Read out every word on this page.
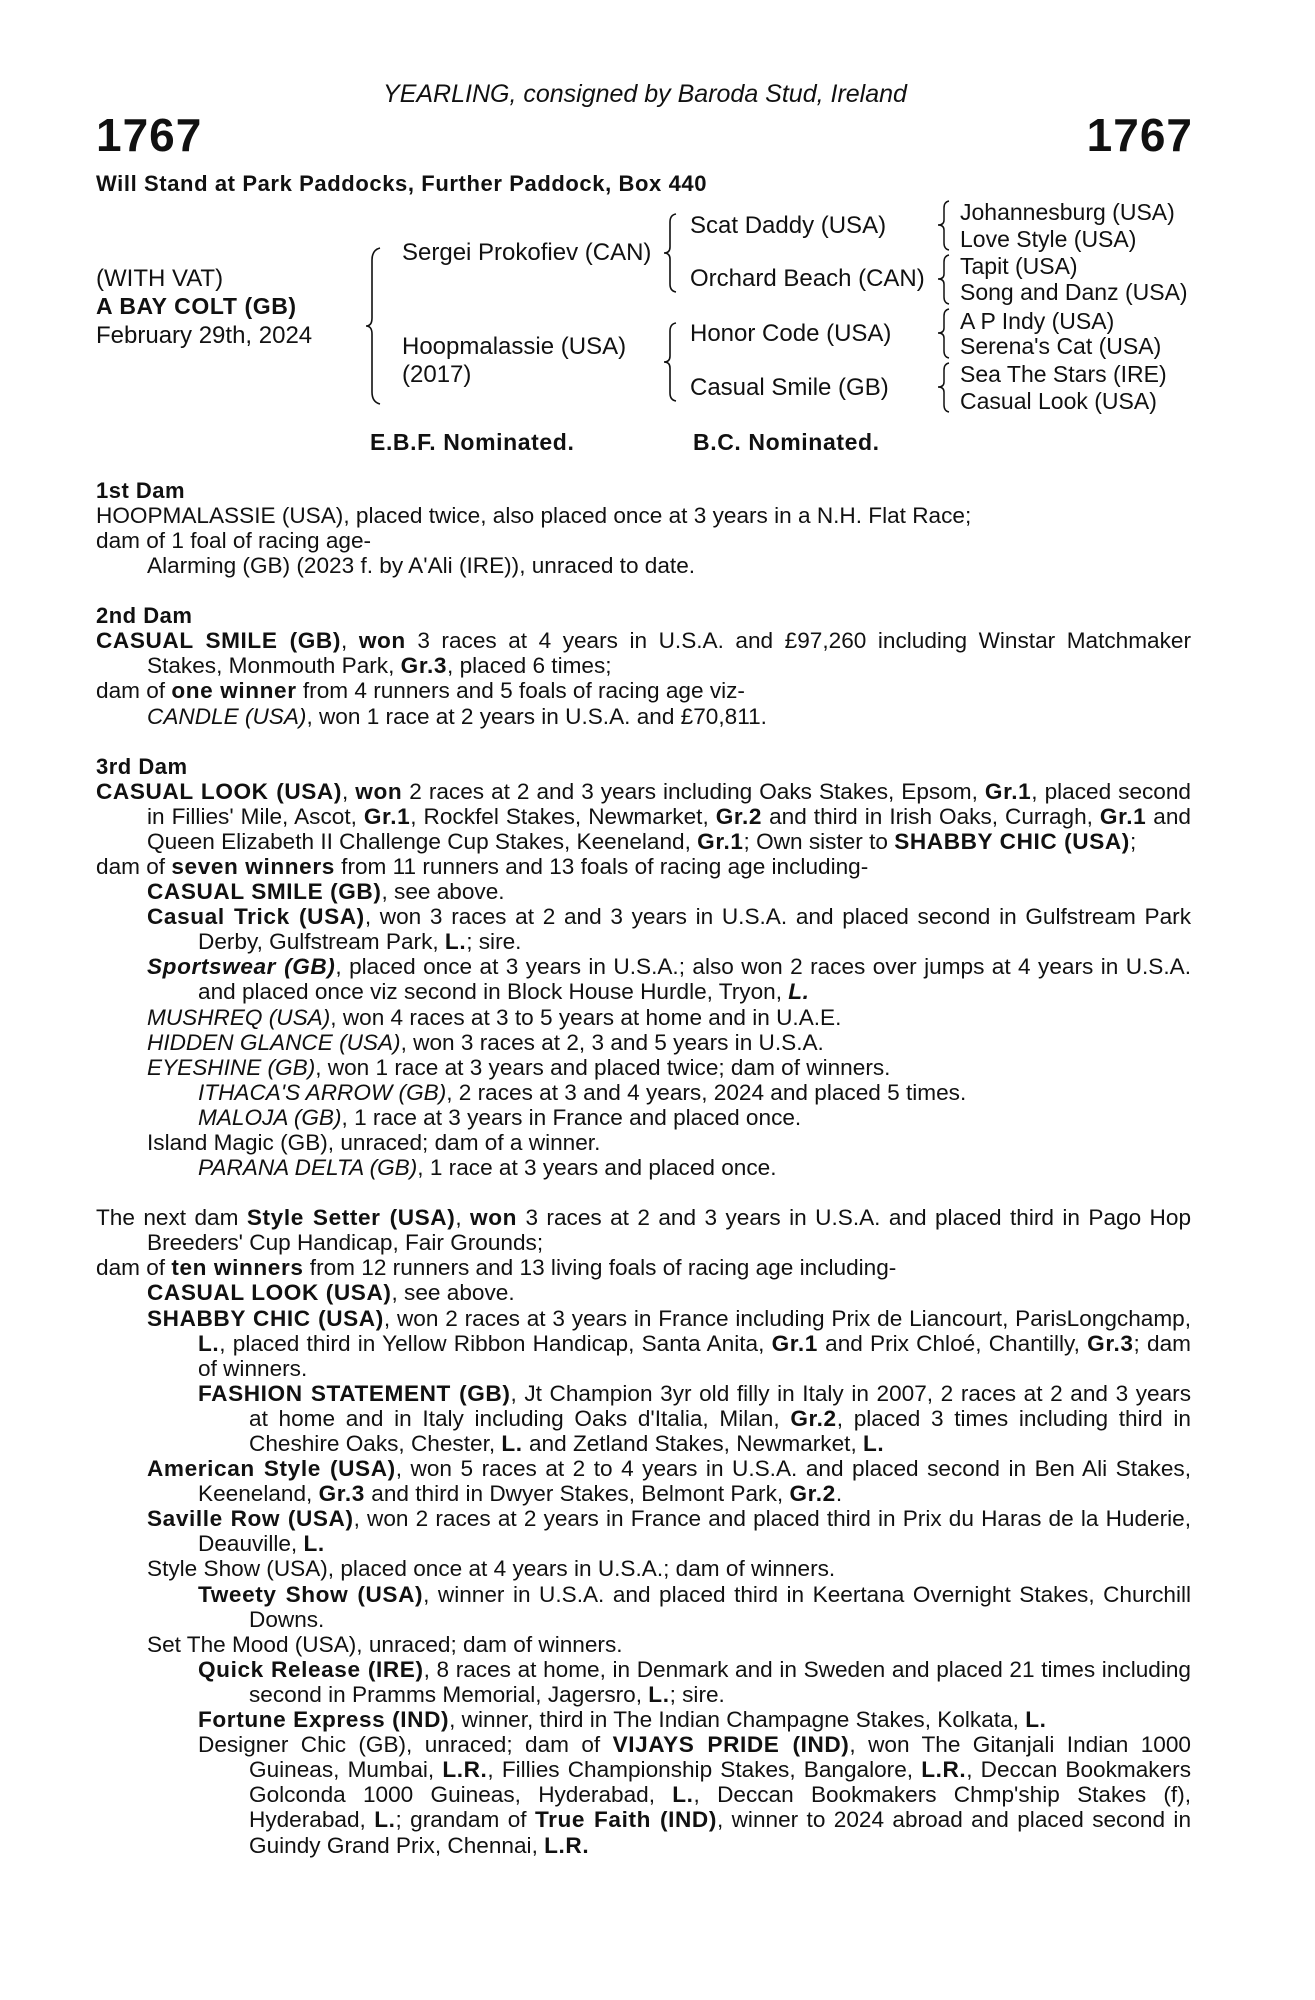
YEARLING, consigned by Baroda Stud, Ireland
1767	1767
Will Stand at Park Paddocks, Further Paddock, Box 440
(WITH VAT)
A BAY COLT (GB)
February 29th, 2024
Sergei Prokofiev (CAN)
Hoopmalassie (USA)
(2017)
Scat Daddy (USA)
Orchard Beach (CAN)
Honor Code (USA)
Casual Smile (GB)
Johannesburg (USA)
Love Style (USA)
Tapit (USA)
Song and Danz (USA)
A P Indy (USA)
Serena's Cat (USA)
Sea The Stars (IRE)
Casual Look (USA)
E.B.F. Nominated.	B.C. Nominated.
1st Dam
HOOPMALASSIE (USA), placed twice, also placed once at 3 years in a N.H. Flat Race;
dam of 1 foal of racing age-
Alarming (GB) (2023 f. by A'Ali (IRE)), unraced to date.
2nd Dam
CASUAL SMILE (GB), won 3 races at 4 years in U.S.A. and £97,260 including Winstar Matchmaker Stakes, Monmouth Park, Gr.3, placed 6 times;
dam of one winner from 4 runners and 5 foals of racing age viz-
CANDLE (USA), won 1 race at 2 years in U.S.A. and £70,811.
3rd Dam
CASUAL LOOK (USA), won 2 races at 2 and 3 years including Oaks Stakes, Epsom, Gr.1, placed second in Fillies' Mile, Ascot, Gr.1, Rockfel Stakes, Newmarket, Gr.2 and third in Irish Oaks, Curragh, Gr.1 and Queen Elizabeth II Challenge Cup Stakes, Keeneland, Gr.1; Own sister to SHABBY CHIC (USA);
dam of seven winners from 11 runners and 13 foals of racing age including-
CASUAL SMILE (GB), see above.
Casual Trick (USA), won 3 races at 2 and 3 years in U.S.A. and placed second in Gulfstream Park Derby, Gulfstream Park, L.; sire.
Sportswear (GB), placed once at 3 years in U.S.A.; also won 2 races over jumps at 4 years in U.S.A. and placed once viz second in Block House Hurdle, Tryon, L.
MUSHREQ (USA), won 4 races at 3 to 5 years at home and in U.A.E.
HIDDEN GLANCE (USA), won 3 races at 2, 3 and 5 years in U.S.A.
EYESHINE (GB), won 1 race at 3 years and placed twice; dam of winners.
ITHACA'S ARROW (GB), 2 races at 3 and 4 years, 2024 and placed 5 times.
MALOJA (GB), 1 race at 3 years in France and placed once.
Island Magic (GB), unraced; dam of a winner.
PARANA DELTA (GB), 1 race at 3 years and placed once.
The next dam Style Setter (USA), won 3 races at 2 and 3 years in U.S.A. and placed third in Pago Hop Breeders' Cup Handicap, Fair Grounds;
dam of ten winners from 12 runners and 13 living foals of racing age including-
CASUAL LOOK (USA), see above.
SHABBY CHIC (USA), won 2 races at 3 years in France including Prix de Liancourt, ParisLongchamp, L., placed third in Yellow Ribbon Handicap, Santa Anita, Gr.1 and Prix Chloé, Chantilly, Gr.3; dam of winners.
FASHION STATEMENT (GB), Jt Champion 3yr old filly in Italy in 2007, 2 races at 2 and 3 years at home and in Italy including Oaks d'Italia, Milan, Gr.2, placed 3 times including third in Cheshire Oaks, Chester, L. and Zetland Stakes, Newmarket, L.
American Style (USA), won 5 races at 2 to 4 years in U.S.A. and placed second in Ben Ali Stakes, Keeneland, Gr.3 and third in Dwyer Stakes, Belmont Park, Gr.2.
Saville Row (USA), won 2 races at 2 years in France and placed third in Prix du Haras de la Huderie, Deauville, L.
Style Show (USA), placed once at 4 years in U.S.A.; dam of winners.
Tweety Show (USA), winner in U.S.A. and placed third in Keertana Overnight Stakes, Churchill Downs.
Set The Mood (USA), unraced; dam of winners.
Quick Release (IRE), 8 races at home, in Denmark and in Sweden and placed 21 times including second in Pramms Memorial, Jagersro, L.; sire.
Fortune Express (IND), winner, third in The Indian Champagne Stakes, Kolkata, L.
Designer Chic (GB), unraced; dam of VIJAYS PRIDE (IND), won The Gitanjali Indian 1000 Guineas, Mumbai, L.R., Fillies Championship Stakes, Bangalore, L.R., Deccan Bookmakers Golconda 1000 Guineas, Hyderabad, L., Deccan Bookmakers Chmp'ship Stakes (f), Hyderabad, L.; grandam of True Faith (IND), winner to 2024 abroad and placed second in Guindy Grand Prix, Chennai, L.R.
